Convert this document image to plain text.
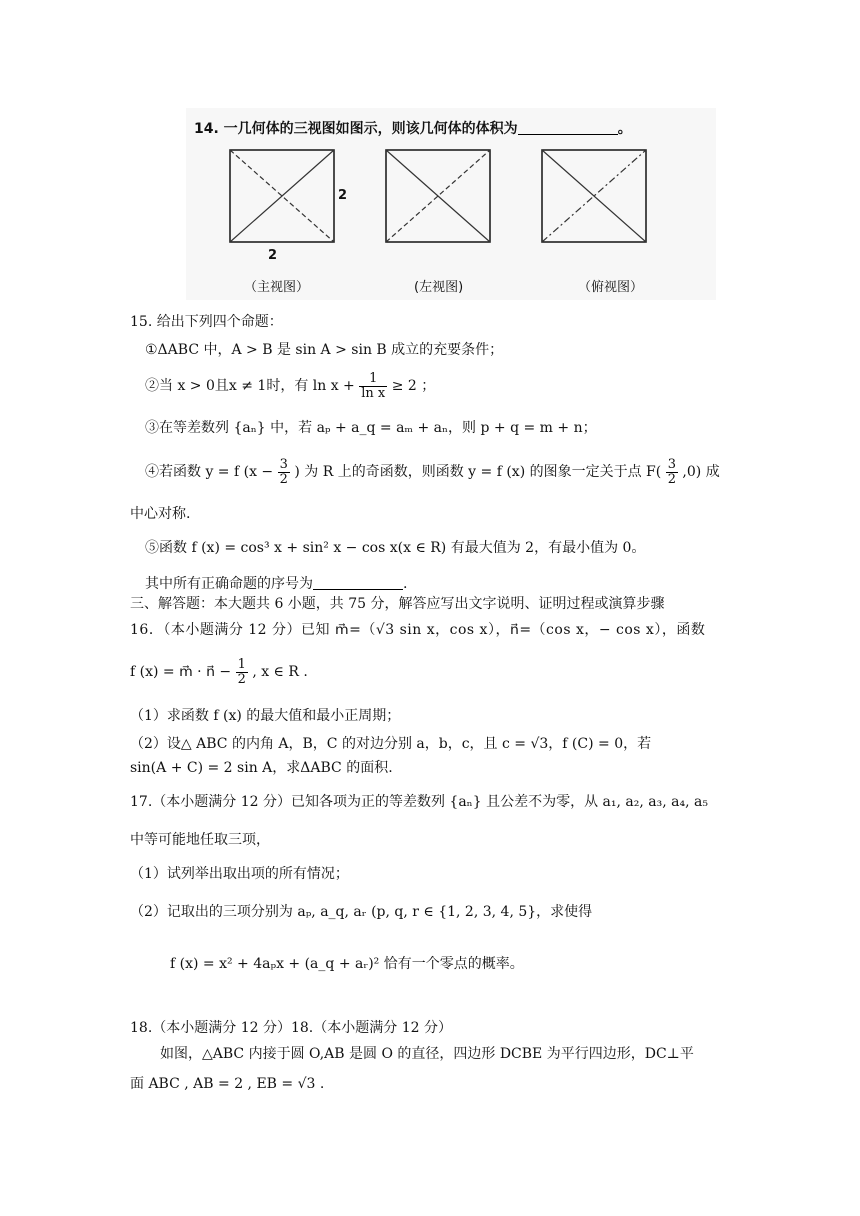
14. 一几何体的三视图如图示，则该几何体的体积为	。
2
2
（主视图）	(左视图)	（俯视图）
15. 给出下列四个命题：
①ΔABC 中，A > B 是 sin A > sin B 成立的充要条件；
②当 x > 0且x ≠ 1时，有 $\ln x + \frac{1}{\text{ln x}} \ge 2$ ；
③在等差数列 {aₙ} 中，若 aₚ + a_q = aₘ + aₙ，则 p + q = m + n；
④若函数 y = f ($x - \frac{3}{2}$ ) 为 R 上的奇函数，则函数 y = f (x) 的图象一定关于点 $F( \frac{3}{2} ,0)$ 成
中心对称.
⑤函数 f (x) = cos³ x + sin² x − cos x(x ∈ R) 有最大值为 2，有最小值为 0。
其中所有正确命题的序号为	.
三、解答题：本大题共 6 小题，共 75 分，解答应写出文字说明、证明过程或演算步骤
16．（本小题满分 12 分）已知 m⃗=（√3 sin x，cos x），n⃗=（cos x，− cos x），函数
f (x) = m⃗ · n⃗ − $\frac{1}{2}$ , x ∈ R .
（1）求函数 f (x) 的最大值和最小正周期；
（2）设△ ABC 的内角 A，B，C 的对边分别 a，b，c，且 c = √3，f (C) = 0，若
sin(A + C) = 2 sin A，求ΔABC 的面积.
17.（本小题满分 12 分）已知各项为正的等差数列 {aₙ} 且公差不为零，从 a₁, a₂, a₃, a₄, a₅
中等可能地任取三项，
（1）试列举出取出项的所有情况；
（2）记取出的三项分别为 aₚ, a_q, aᵣ (p, q, r ∈ {1, 2, 3, 4, 5}，求使得
f (x) = x² + 4aₚx + (a_q + aᵣ)² 恰有一个零点的概率。
18.（本小题满分 12 分）18.（本小题满分 12 分）
如图，△ABC 内接于圆 O,AB 是圆 O 的直径，四边形 DCBE 为平行四边形，DC⊥平
面 ABC , AB = 2 , EB = √3 .
